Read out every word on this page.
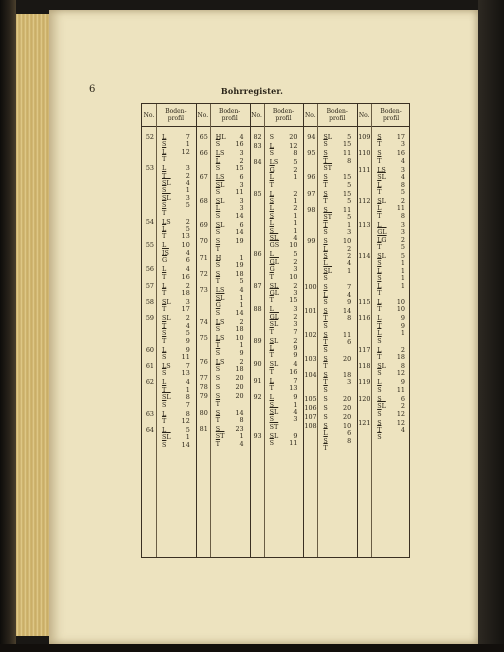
6	Bohrregister.
No.	Boden-
profil
52 L	7
$\overline{S}$	1
$\overline{L}$ 12
$\overline{T}$
53 L	3
$\overline{T}$	2
$\overline{SL}$ 4
$\overline{S}$	1
$\overline{SL}$ 3
$\overline{S}$	5
$\overline{T}$
54 LS 2
$\overline{L}$	5
$\overline{T}$ 13
55 L 10
$\overline{IS}$	4
$\overline{G}$	6
56 L	4
$\overline{T}$ 16
57 L	2
$\overline{T}$ 18
58 SL 3
$\overline{T}$ 17
59 SL 2
$\overline{T}$	4
$\overline{S}$	5
$\overline{T}$	9
60 L	9
$\overline{S}$ 11
61 LS 7
$\overline{S}$ 13
62 L	4
$\overline{T}$	1
$\overline{SL}$ 8
$\overline{S}$	7
63 L	8
$\overline{T}$ 12
64 L	5
$\overline{SL}$ 1
$\overline{S}$ 14
No.	Boden-
profil
65 HL 4
$\overline{S}$ 16
66 LS 3
$\overline{L}$	2
$\overline{S}$ 15
67 LS 6
$\overline{SL}$ 3
$\overline{S}$ 11
68 SL 3
$\overline{L}$	3
$\overline{S}$ 14
69 SL 6
$\overline{S}$ 14
70 S 19
$\overline{T}$
71 H	1
$\overline{S}$ 19
72 S 18
$\overline{T}$	5
73 LS 4
$\overline{SL}$ 1
$\overline{G}$	1
$\overline{S}$ 14
74 LS 2
$\overline{S}$ 18
75 LS 10
$\overline{T}$	1
$\overline{S}$	9
76 LS 2
$\overline{S}$ 18
77 S 20
78 S 20
79 S 20
$\overline{T}$
80 S 14
$\overline{T}$	8
81 S 23
$\overline{ST}$ 1
$\overline{T}$	4
No.	Boden-
profil
82 S 20
83 L 12
$\overline{S}$	8
84 LS 5
$\overline{G}$	2
$\overline{L}$	1
$\overline{T}$
85 L	2
$\overline{S}$	1
$\overline{L}$	2
$\overline{S}$	1
$\overline{L}$	1
$\overline{S}$	1
$\overline{SL}$ 4
$\overline{GS}$ 10
86 L	5
$\overline{GL}$ 2
$\overline{G}$	3
$\overline{T}$ 10
87 SL 2
$\overline{GL}$ 3
$\overline{T}$ 15
88 L	3
$\overline{GL}$ 2
$\overline{SL}$ 3
$\overline{T}$	7
89 SL 2
$\overline{L}$	9
$\overline{T}$	9
90 SL 4
$\overline{T}$ 16
91 L	7
$\overline{T}$ 13
92 L	9
$\overline{S}$	1
$\overline{SL}$ 4
$\overline{S}$	3
$\overline{ST}$
93 SL 9
$\overline{S}$ 11
No.	Boden-
profil
94 SL 5
$\overline{S}$ 15
95 S 11
$\overline{T}$	8
$\overline{ST}$
96 S 15
$\overline{T}$	5
97 S 15
$\overline{T}$	5
98 S 11
$\overline{ST}$ 5
$\overline{T}$	1
$\overline{S}$	3
99 S 10
$\overline{L}$	2
$\overline{S}$	2
$\overline{L}$	4
$\overline{SL}$ 1
$\overline{S}$
100 S	7
$\overline{L}$	4
$\overline{S}$	9
101 S 14
$\overline{T}$	8
$\overline{S}$
102 S 11
$\overline{T}$	6
$\overline{S}$
103 S 20
$\overline{T}$
104 S 18
$\overline{T}$	3
$\overline{S}$
105 S 20
106 S 20
107 S 20
108 S 10
$\overline{L}$	6
$\overline{S}$	8
$\overline{T}$
No.	Boden-
profil
109 S 17
$\overline{T}$	3
110 S 16
$\overline{T}$	4
111 LS 3
$\overline{SL}$ 4
$\overline{L}$	8
$\overline{T}$	5
112 SL 2
$\overline{L}$ 11
$\overline{T}$	8
113 L	3
$\overline{GL}$ 3
$\overline{LG}$ 2
$\overline{T}$	5
114 SL 5
$\overline{S}$	1
$\overline{L}$	1
$\overline{S}$	1
$\overline{L}$	1
$\overline{T}$
115 L 10
$\overline{T}$ 10
116 L	9
$\overline{T}$	9
$\overline{L}$	1
$\overline{S}$
117 L	2
$\overline{T}$ 18
118 SL 8
$\overline{S}$ 12
119 L	9
$\overline{S}$ 11
120 S	6
$\overline{SL}$ 2
$\overline{S}$ 12
121 S 12
$\overline{T}$	4
$\overline{S}$
